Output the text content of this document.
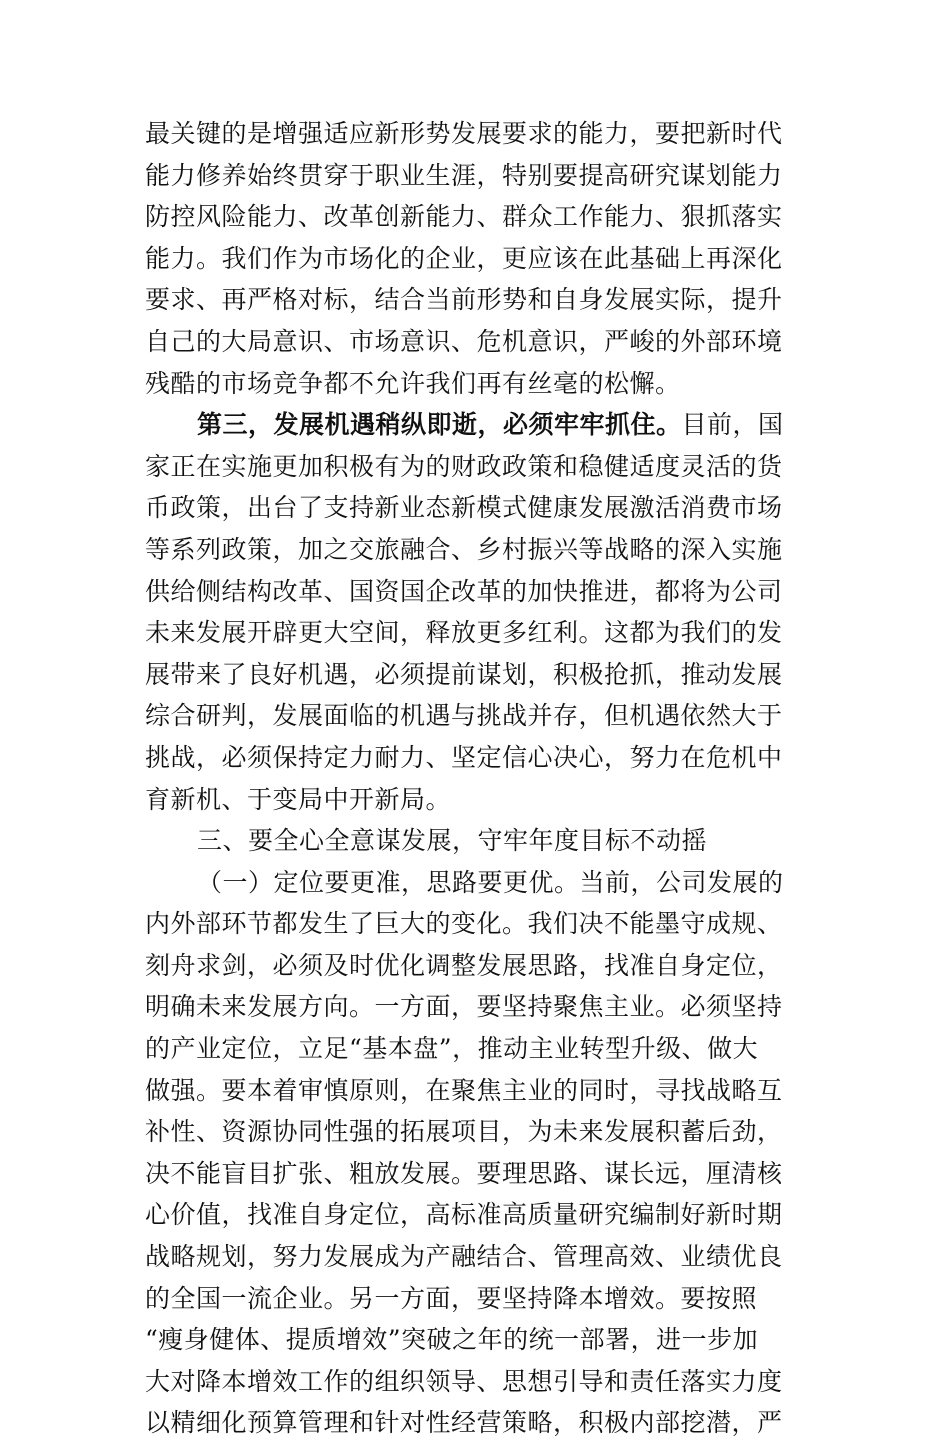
最关键的是增强适应新形势发展要求的能力，要把新时代
能力修养始终贯穿于职业生涯，特别要提高研究谋划能力
防控风险能力、改革创新能力、群众工作能力、狠抓落实
能力。我们作为市场化的企业，更应该在此基础上再深化
要求、再严格对标，结合当前形势和自身发展实际，提升
自己的大局意识、市场意识、危机意识，严峻的外部环境
残酷的市场竞争都不允许我们再有丝毫的松懈。
第三，发展机遇稍纵即逝，必须牢牢抓住。目前，国
家正在实施更加积极有为的财政政策和稳健适度灵活的货
币政策，出台了支持新业态新模式健康发展激活消费市场
等系列政策，加之交旅融合、乡村振兴等战略的深入实施
供给侧结构改革、国资国企改革的加快推进，都将为公司
未来发展开辟更大空间，释放更多红利。这都为我们的发
展带来了良好机遇，必须提前谋划，积极抢抓，推动发展
综合研判，发展面临的机遇与挑战并存，但机遇依然大于
挑战，必须保持定力耐力、坚定信心决心，努力在危机中
育新机、于变局中开新局。
三、要全心全意谋发展，守牢年度目标不动摇
（一）定位要更准，思路要更优。当前，公司发展的
内外部环节都发生了巨大的变化。我们决不能墨守成规、
刻舟求剑，必须及时优化调整发展思路，找准自身定位，
明确未来发展方向。一方面，要坚持聚焦主业。必须坚持
的产业定位，立足“基本盘”，推动主业转型升级、做大
做强。要本着审慎原则，在聚焦主业的同时，寻找战略互
补性、资源协同性强的拓展项目，为未来发展积蓄后劲，
决不能盲目扩张、粗放发展。要理思路、谋长远，厘清核
心价值，找准自身定位，高标准高质量研究编制好新时期
战略规划，努力发展成为产融结合、管理高效、业绩优良
的全国一流企业。另一方面，要坚持降本增效。要按照
“瘦身健体、提质增效”突破之年的统一部署，进一步加
大对降本增效工作的组织领导、思想引导和责任落实力度
以精细化预算管理和针对性经营策略，积极内部挖潜，严
